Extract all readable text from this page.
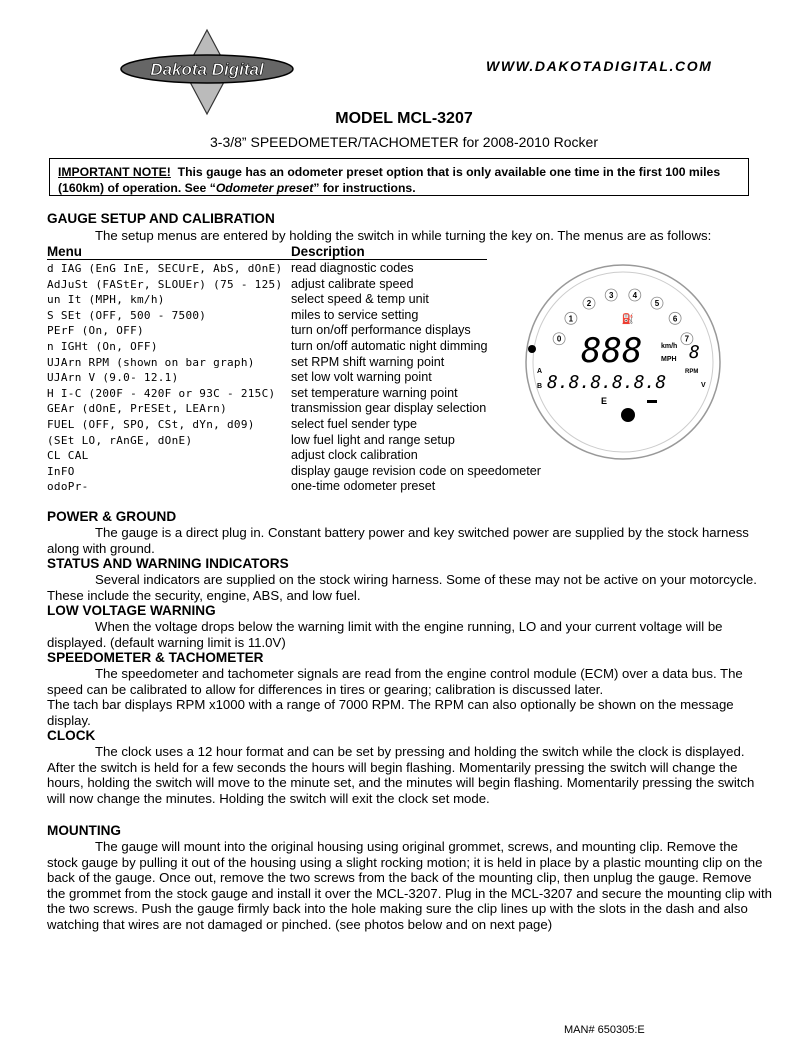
Dakota Digital	WWW.DAKOTADIGITAL.COM
MODEL MCL-3207
3-3/8” SPEEDOMETER/TACHOMETER for 2008-2010 Rocker
IMPORTANT NOTE! This gauge has an odometer preset option that is only available one time in the first 100 miles (160km) of operation. See “Odometer preset” for instructions.
GAUGE SETUP AND CALIBRATION
The setup menus are entered by holding the switch in while turning the key on. The menus are as follows:
Menu	Description
d IAG (EnG InE, SECUrE, AbS, dOnE) read diagnostic codes
AdJuSt (FAStEr, SLOUEr) (75 - 125) adjust calibrate speed
un It (MPH, km/h)	select speed & temp unit
S SEt (OFF, 500 - 7500)	miles to service setting
PErF (On, OFF)	turn on/off performance displays
n IGHt (On, OFF)	turn on/off automatic night dimming
UJArn RPM (shown on bar graph)	set RPM shift warning point
UJArn V (9.0- 12.1)	set low volt warning point
H I-C (200F - 420F or 93C - 215C) set temperature warning point
GEAr (dOnE, PrESEt, LEArn)	transmission gear display selection
FUEL (OFF, SPO, CSt, dYn, d09)	select fuel sender type
(SEt LO, rAnGE, dOnE)	low fuel light and range setup
CL CAL	adjust clock calibration
InFO	display gauge revision code on speedometer
odoPr-	one-time odometer preset
0
1
2
3 4
5
6
7
⛽
888	km/h
MPH 8
RPM
A
B	V
8.8.8.8.8.8
E
POWER & GROUND
The gauge is a direct plug in. Constant battery power and key switched power are supplied by the stock harness along with ground.
STATUS AND WARNING INDICATORS
Several indicators are supplied on the stock wiring harness. Some of these may not be active on your motorcycle. These include the security, engine, ABS, and low fuel.
LOW VOLTAGE WARNING
When the voltage drops below the warning limit with the engine running, LO and your current voltage will be displayed. (default warning limit is 11.0V)
SPEEDOMETER & TACHOMETER
The speedometer and tachometer signals are read from the engine control module (ECM) over a data bus. The speed can be calibrated to allow for differences in tires or gearing; calibration is discussed later.
The tach bar displays RPM x1000 with a range of 7000 RPM. The RPM can also optionally be shown on the message display.
CLOCK
The clock uses a 12 hour format and can be set by pressing and holding the switch while the clock is displayed. After the switch is held for a few seconds the hours will begin flashing. Momentarily pressing the switch will change the hours, holding the switch will move to the minute set, and the minutes will begin flashing. Momentarily pressing the switch will now change the minutes. Holding the switch will exit the clock set mode.
MOUNTING
The gauge will mount into the original housing using original grommet, screws, and mounting clip. Remove the stock gauge by pulling it out of the housing using a slight rocking motion; it is held in place by a plastic mounting clip on the back of the gauge. Once out, remove the two screws from the back of the mounting clip, then unplug the gauge. Remove the grommet from the stock gauge and install it over the MCL-3207. Plug in the MCL-3207 and secure the mounting clip with the two screws. Push the gauge firmly back into the hole making sure the clip lines up with the slots in the dash and also watching that wires are not damaged or pinched. (see photos below and on next page)
MAN# 650305:E
